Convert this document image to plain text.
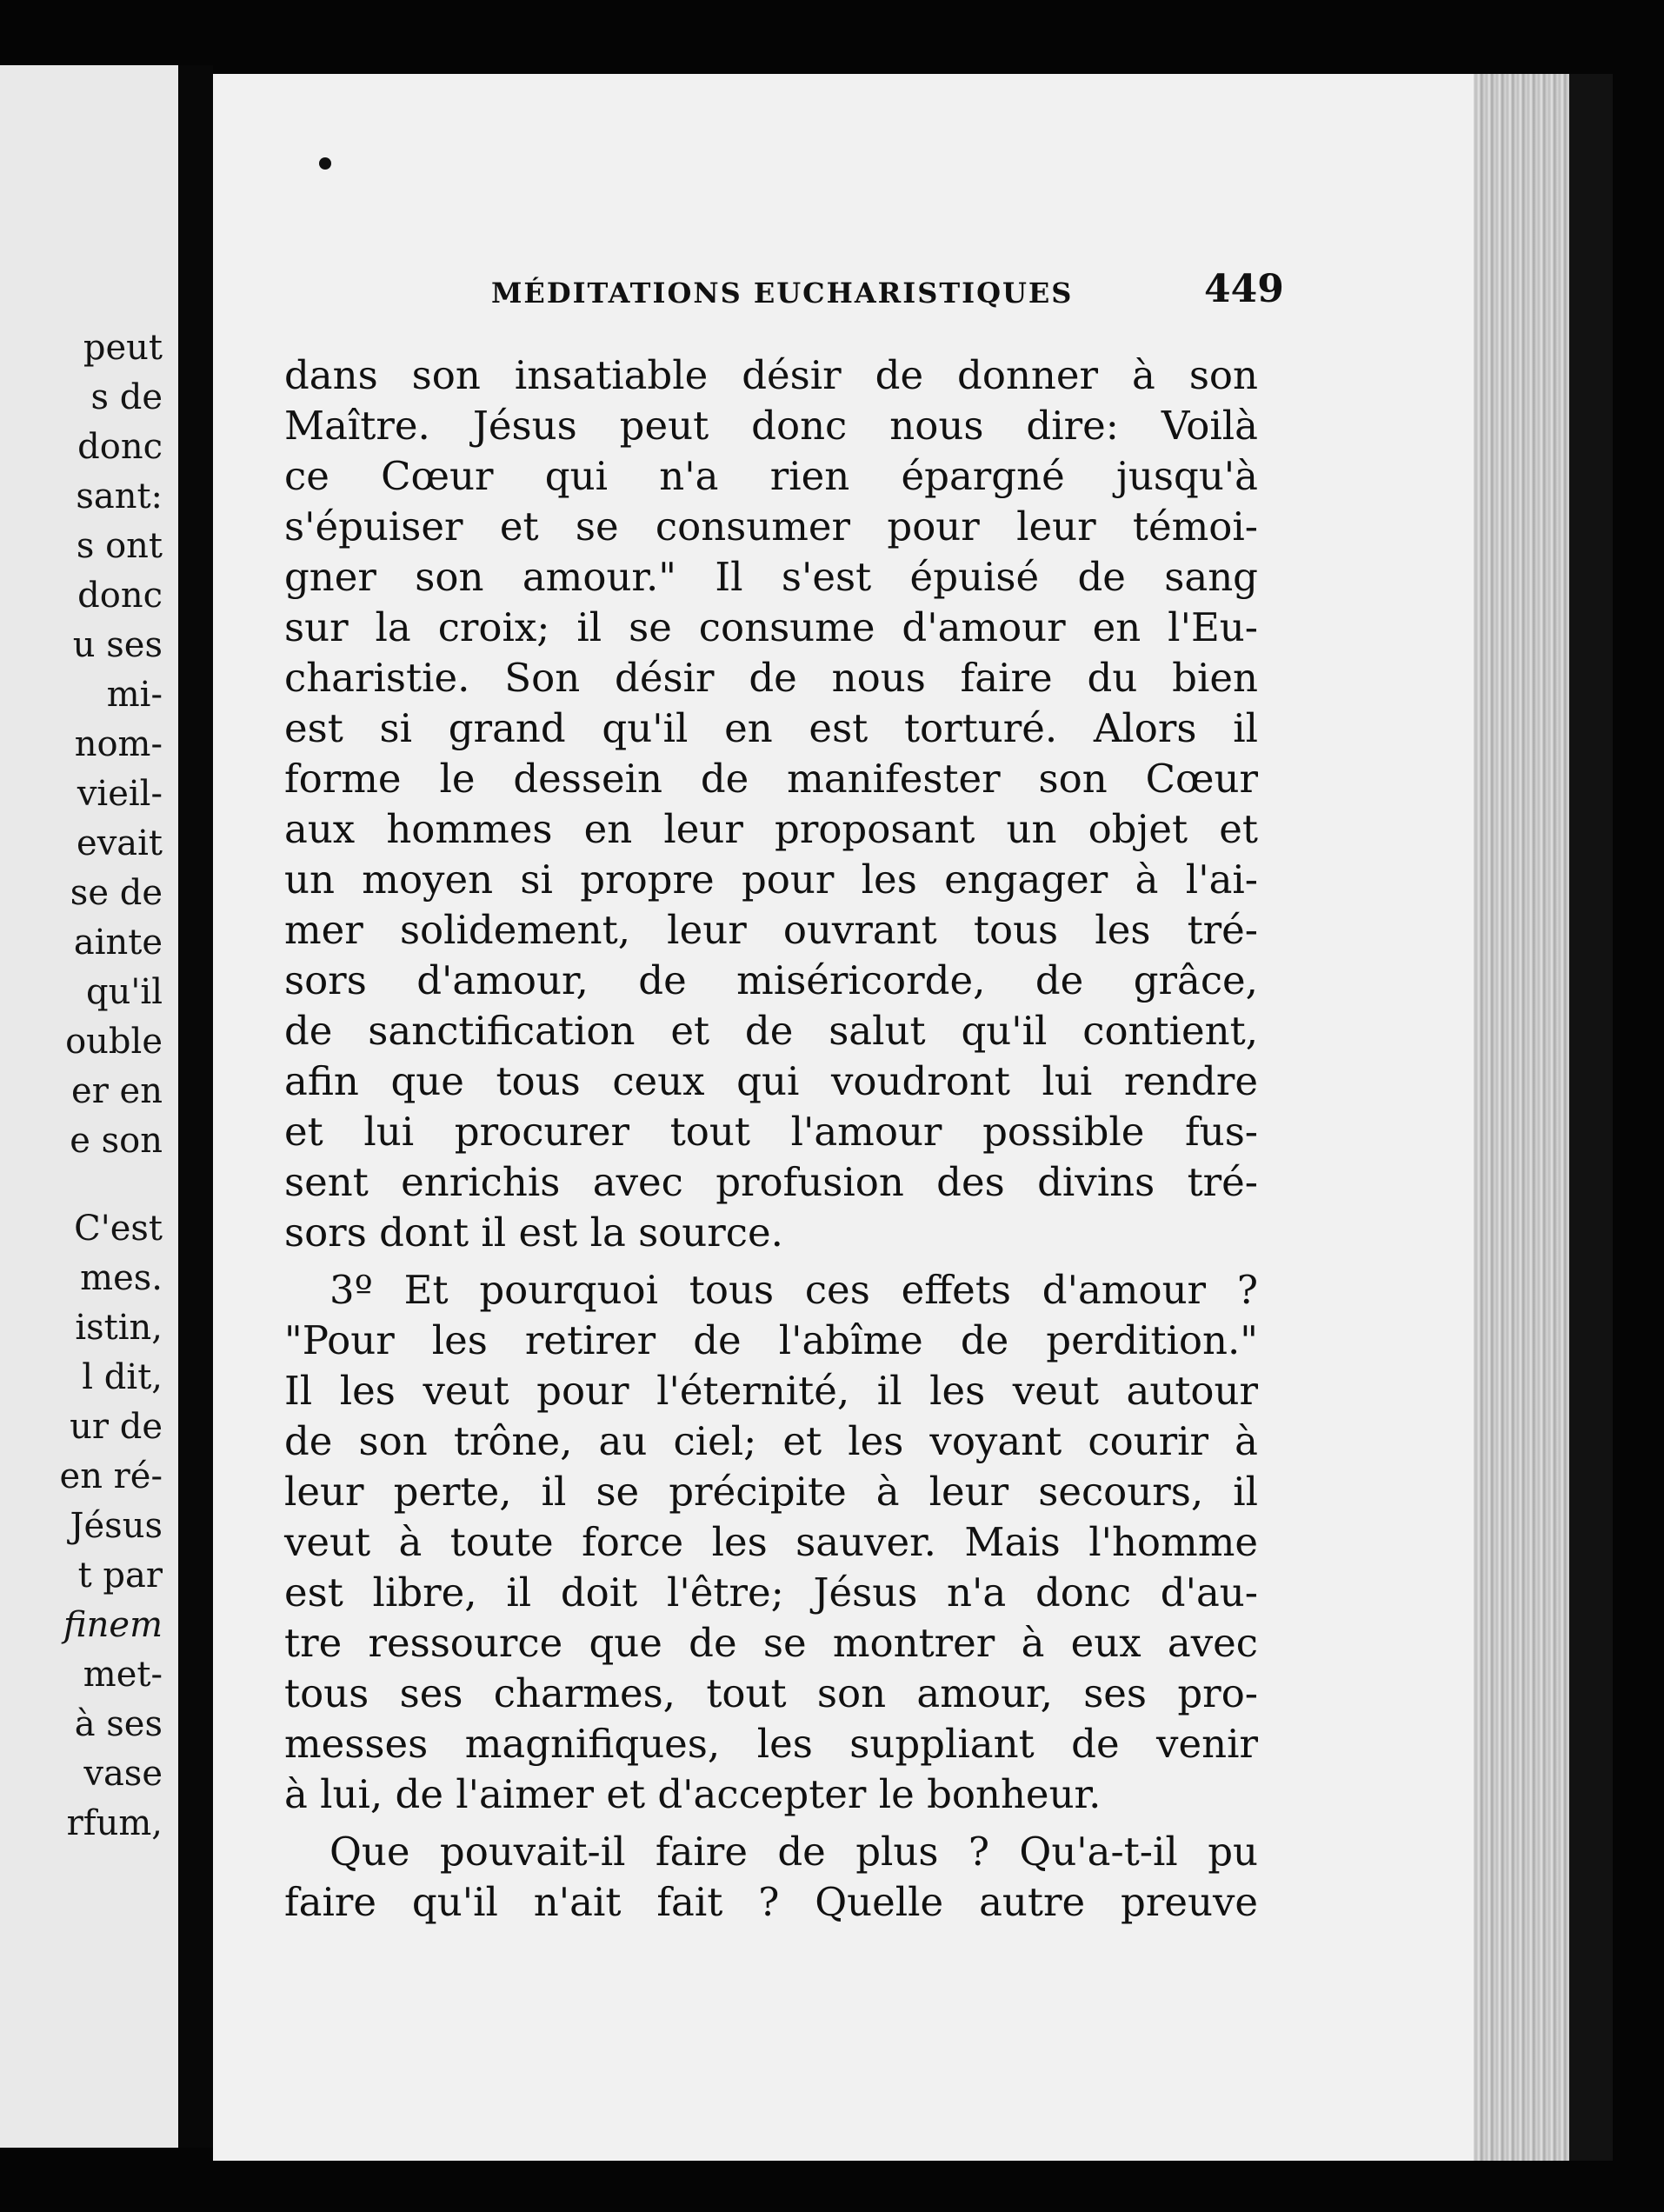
peut
s de
donc
sant:
s ont
donc
u ses
mi-
nom-
vieil-
evait
se de
ainte
qu'il
ouble
er en
e son
C'est
mes.
istin,
l dit,
ur de
en ré-
Jésus
t par
finem
met-
à ses
vase
rfum,
MÉDITATIONS EUCHARISTIQUES	449
dans son insatiable désir de donner à son
Maître. Jésus peut donc nous dire: Voilà
ce Cœur qui n'a rien épargné jusqu'à
s'épuiser et se consumer pour leur témoi-
gner son amour." Il s'est épuisé de sang
sur la croix; il se consume d'amour en l'Eu-
charistie. Son désir de nous faire du bien
est si grand qu'il en est torturé. Alors il
forme le dessein de manifester son Cœur
aux hommes en leur proposant un objet et
un moyen si propre pour les engager à l'ai-
mer solidement, leur ouvrant tous les tré-
sors d'amour, de miséricorde, de grâce,
de sanctification et de salut qu'il contient,
afin que tous ceux qui voudront lui rendre
et lui procurer tout l'amour possible fus-
sent enrichis avec profusion des divins tré-
sors dont il est la source.
3º Et pourquoi tous ces effets d'amour ?
"Pour les retirer de l'abîme de perdition."
Il les veut pour l'éternité, il les veut autour
de son trône, au ciel; et les voyant courir à
leur perte, il se précipite à leur secours, il
veut à toute force les sauver. Mais l'homme
est libre, il doit l'être; Jésus n'a donc d'au-
tre ressource que de se montrer à eux avec
tous ses charmes, tout son amour, ses pro-
messes magnifiques, les suppliant de venir
à lui, de l'aimer et d'accepter le bonheur.
Que pouvait-il faire de plus ? Qu'a-t-il pu
faire qu'il n'ait fait ? Quelle autre preuve
